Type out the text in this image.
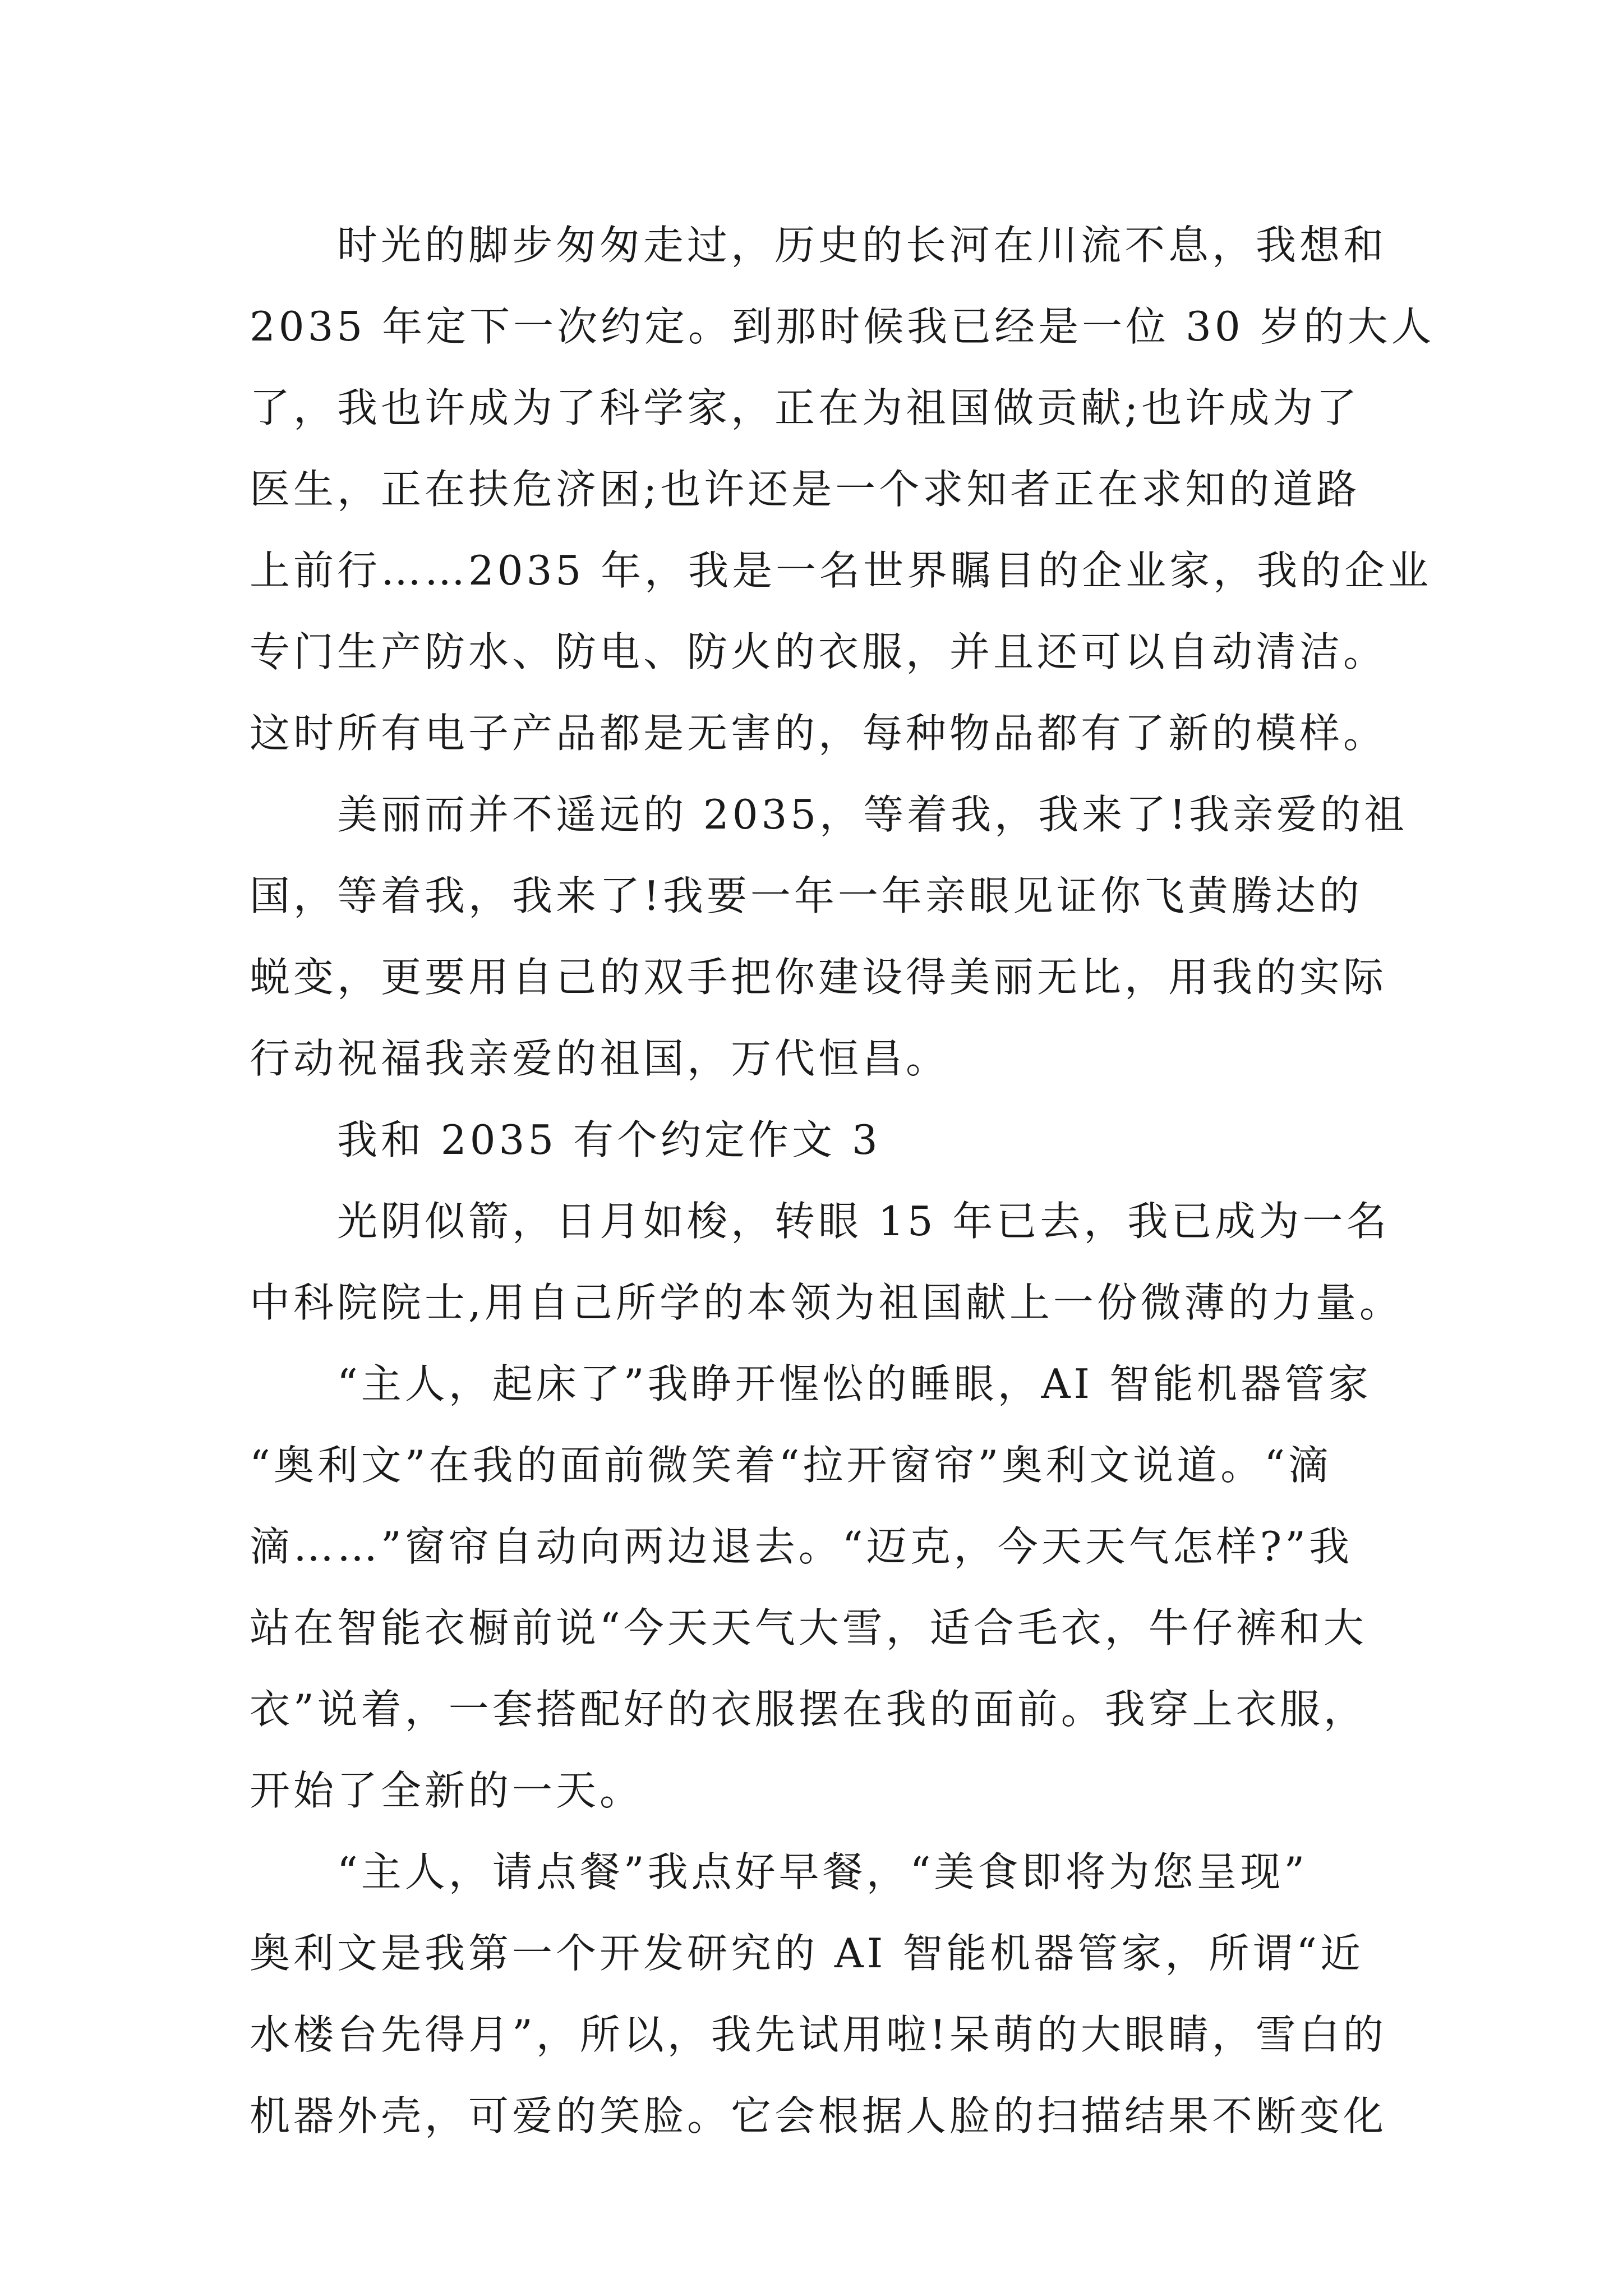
时光的脚步匆匆走过，历史的长河在川流不息，我想和
2035 年定下一次约定。到那时候我已经是一位 30 岁的大人
了，我也许成为了科学家，正在为祖国做贡献;也许成为了
医生，正在扶危济困;也许还是一个求知者正在求知的道路
上前行……2035 年，我是一名世界瞩目的企业家，我的企业
专门生产防水、防电、防火的衣服，并且还可以自动清洁。
这时所有电子产品都是无害的，每种物品都有了新的模样。

美丽而并不遥远的 2035，等着我，我来了!我亲爱的祖
国，等着我，我来了!我要一年一年亲眼见证你飞黄腾达的
蜕变，更要用自己的双手把你建设得美丽无比，用我的实际
行动祝福我亲爱的祖国，万代恒昌。

我和 2035 有个约定作文 3

光阴似箭，日月如梭，转眼 15 年已去，我已成为一名
中科院院士,用自己所学的本领为祖国献上一份微薄的力量。

“主人，起床了”我睁开惺忪的睡眼，AI 智能机器管家
“奥利文”在我的面前微笑着“拉开窗帘”奥利文说道。“滴
滴……”窗帘自动向两边退去。“迈克，今天天气怎样?”我
站在智能衣橱前说“今天天气大雪，适合毛衣，牛仔裤和大
衣”说着，一套搭配好的衣服摆在我的面前。我穿上衣服，
开始了全新的一天。

“主人，请点餐”我点好早餐，“美食即将为您呈现”
奥利文是我第一个开发研究的 AI 智能机器管家，所谓“近
水楼台先得月”，所以，我先试用啦!呆萌的大眼睛，雪白的
机器外壳，可爱的笑脸。它会根据人脸的扫描结果不断变化
